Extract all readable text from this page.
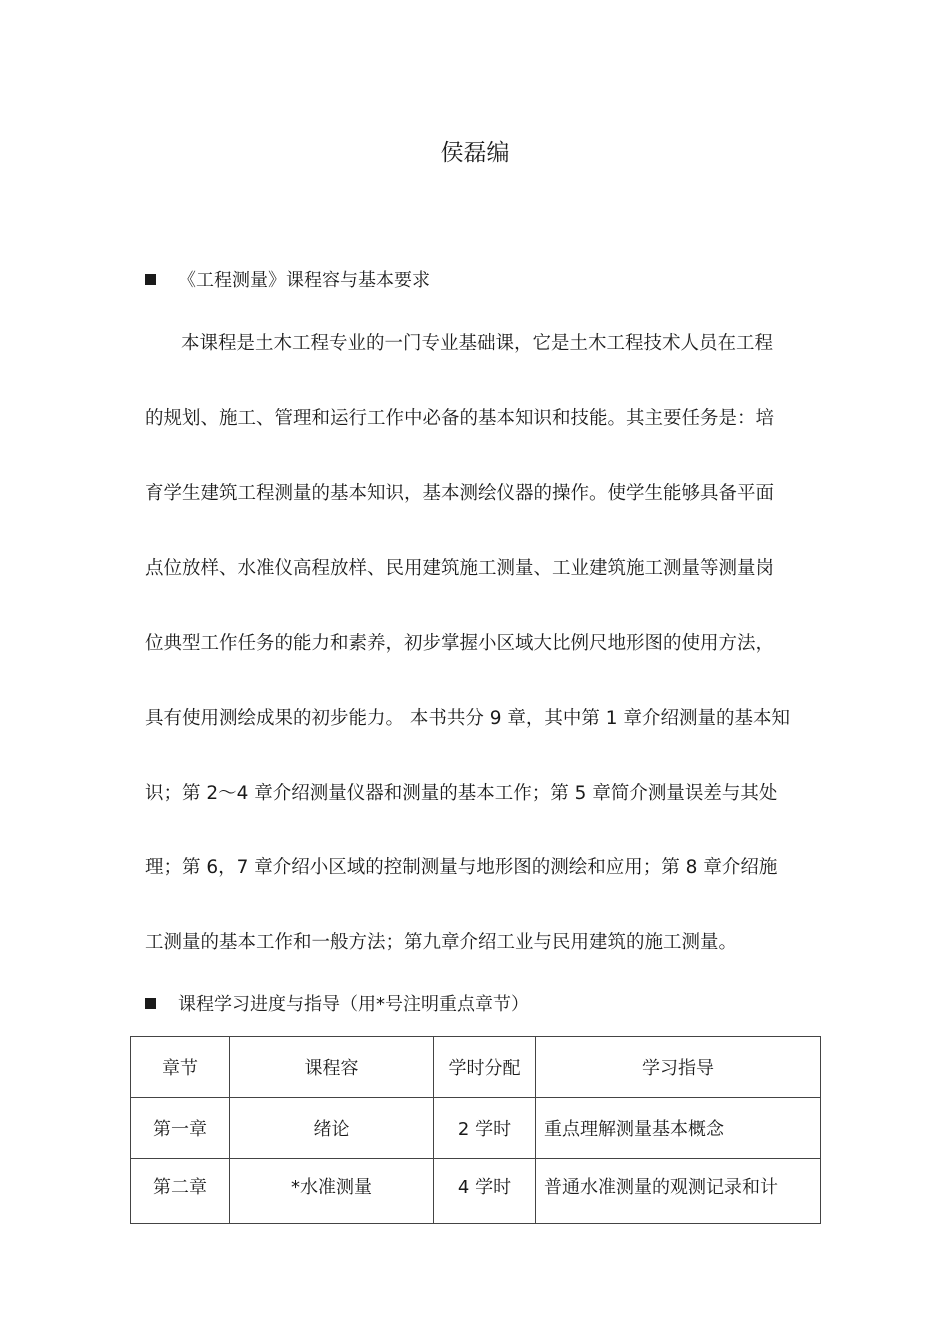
侯磊编
《工程测量》课程容与基本要求
本课程是土木工程专业的一门专业基础课，它是土木工程技术人员在工程
的规划、施工、管理和运行工作中必备的基本知识和技能。其主要任务是：培
育学生建筑工程测量的基本知识，基本测绘仪器的操作。使学生能够具备平面
点位放样、水准仪高程放样、民用建筑施工测量、工业建筑施工测量等测量岗
位典型工作任务的能力和素养，初步掌握小区域大比例尺地形图的使用方法，
具有使用测绘成果的初步能力。 本书共分 9 章，其中第 1 章介绍测量的基本知
识；第 2～4 章介绍测量仪器和测量的基本工作；第 5 章简介测量误差与其处
理；第 6，7 章介绍小区域的控制测量与地形图的测绘和应用；第 8 章介绍施
工测量的基本工作和一般方法；第九章介绍工业与民用建筑的施工测量。
课程学习进度与指导（用*号注明重点章节）
章节	课程容	学时分配	学习指导
第一章	绪论	2 学时	重点理解测量基本概念
第二章	*水准测量	4 学时	普通水准测量的观测记录和计
